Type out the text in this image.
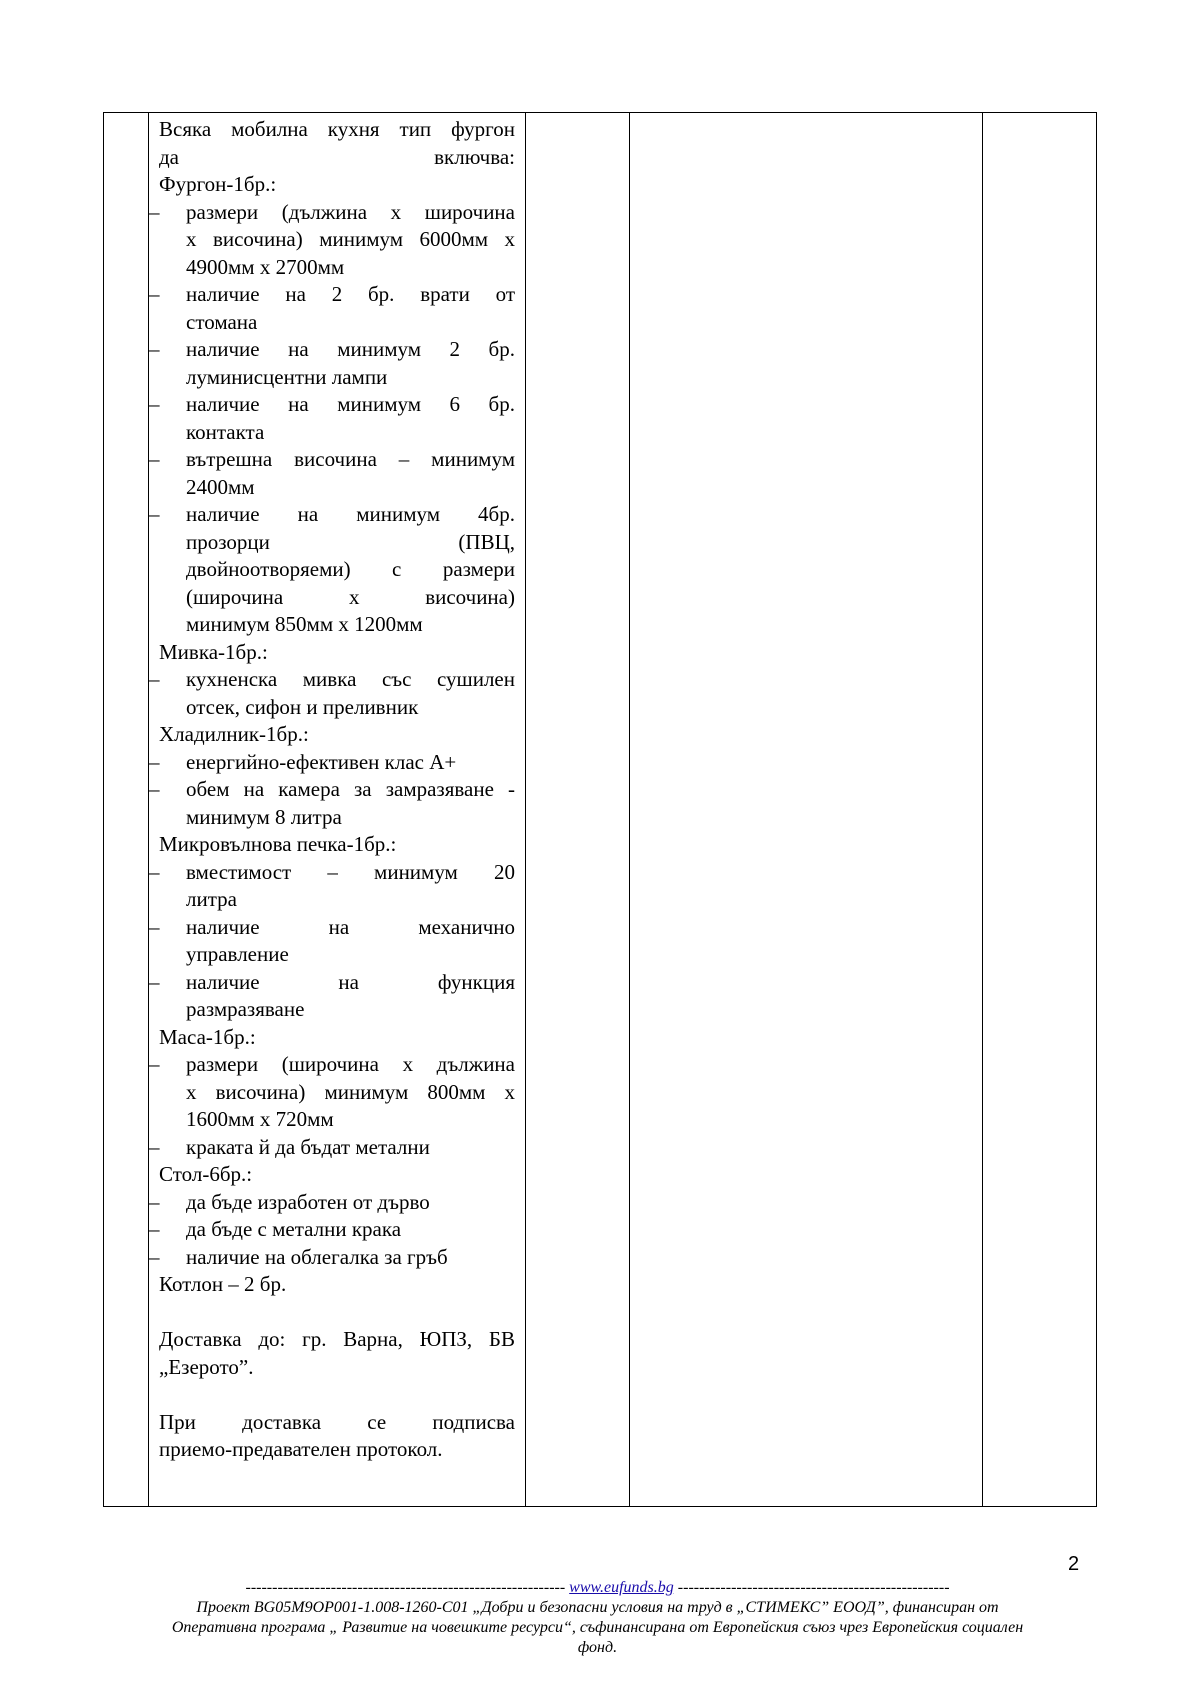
Всяка мобилна кухня тип фургон
да включва:
Фургон-1бр.:
– размери (дължина х широчина
х височина) минимум 6000мм х
4900мм х 2700мм
– наличие на 2 бр. врати от
стомана
– наличие на минимум 2 бр.
луминисцентни лампи
– наличие на минимум 6 бр.
контакта
– вътрешна височина – минимум
2400мм
– наличие на минимум 4бр.
прозорци (ПВЦ,
двойноотворяеми) с размери
(широчина х височина)
минимум 850мм х 1200мм
Мивка-1бр.:
– кухненска мивка със сушилен
отсек, сифон и преливник
Хладилник-1бр.:
– енергийно-ефективен клас А+
– обем на камера за замразяване -
минимум 8 литра
Микровълнова печка-1бр.:
– вместимост – минимум 20
литра
– наличие на механично
управление
– наличие на функция
размразяване
Маса-1бр.:
– размери (широчина х дължина
х височина) минимум 800мм х
1600мм х 720мм
– краката й да бъдат метални
Стол-6бр.:
– да бъде изработен от дърво
– да бъде с метални крака
– наличие на облегалка за гръб
Котлон – 2 бр.
Доставка до: гр. Варна, ЮПЗ, БВ
„Езерото”.
При доставка се подписва
приемо-предавателен протокол.

2

------------------------------------------------------------ www.eufunds.bg ---------------------------------------------------

Проект BG05M9OP001-1.008-1260-C01 „Добри и безопасни условия на труд в „СТИМЕКС” ЕООД”, финансиран от

Оперативна програма „ Развитие на човешките ресурси“, съфинансирана от Европейския съюз чрез Европейския социален

фонд.
